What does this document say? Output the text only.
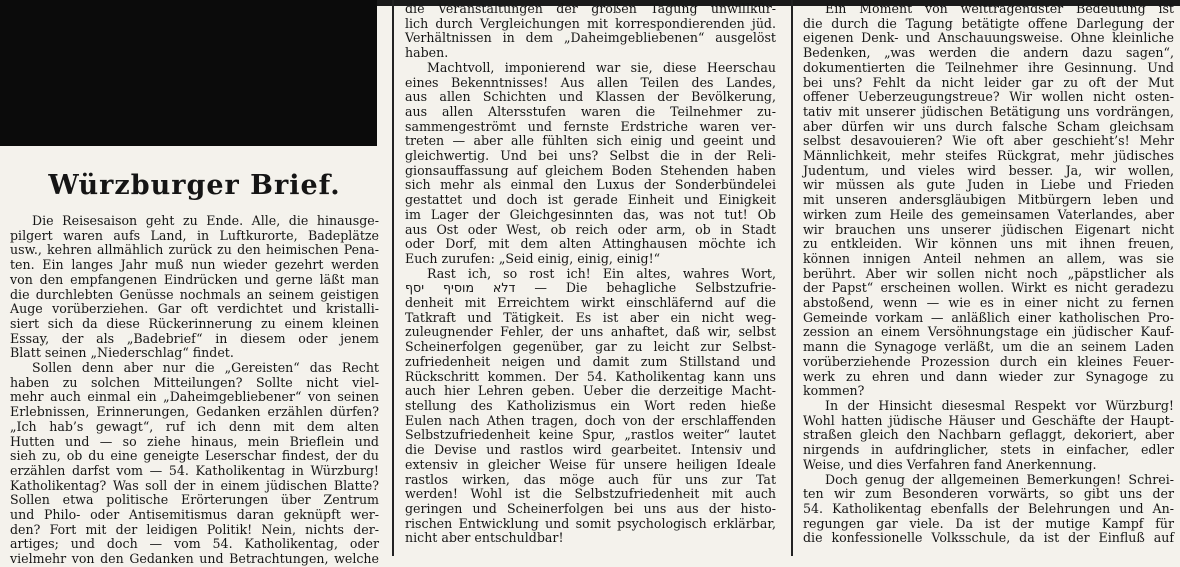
Würzburger Brief.
Die Reisesaison geht zu Ende. Alle, die hinausge-
pilgert waren aufs Land, in Luftkurorte, Badeplätze
usw., kehren allmählich zurück zu den heimischen Pena-
ten. Ein langes Jahr muß nun wieder gezehrt werden
von den empfangenen Eindrücken und gerne läßt man
die durchlebten Genüsse nochmals an seinem geistigen
Auge vorüberziehen. Gar oft verdichtet und kristalli-
siert sich da diese Rückerinnerung zu einem kleinen
Essay, der als „Badebrief“ in diesem oder jenem
Blatt seinen „Niederschlag“ findet.
Sollen denn aber nur die „Gereisten“ das Recht
haben zu solchen Mitteilungen? Sollte nicht viel-
mehr auch einmal ein „Daheimgebliebener“ von seinen
Erlebnissen, Erinnerungen, Gedanken erzählen dürfen?
„Ich hab’s gewagt“, ruf ich denn mit dem alten
Hutten und — so ziehe hinaus, mein Brieflein und
sieh zu, ob du eine geneigte Leserschar findest, der du
erzählen darfst vom — 54. Katholikentag in Würzburg!
Katholikentag? Was soll der in einem jüdischen Blatte?
Sollen etwa politische Erörterungen über Zentrum
und Philo- oder Antisemitismus daran geknüpft wer-
den? Fort mit der leidigen Politik! Nein, nichts der-
artiges; und doch — vom 54. Katholikentag, oder
vielmehr von den Gedanken und Betrachtungen, welche
die Veranstaltungen der großen Tagung unwillkür-
lich durch Vergleichungen mit korrespondierenden jüd.
Verhältnissen in dem „Daheimgebliebenen“ ausgelöst
haben.
Machtvoll, imponierend war sie, diese Heerschau
eines Bekenntnisses! Aus allen Teilen des Landes,
aus allen Schichten und Klassen der Bevölkerung,
aus allen Altersstufen waren die Teilnehmer zu-
sammengeströmt und fernste Erdstriche waren ver-
treten — aber alle fühlten sich einig und geeint und
gleichwertig. Und bei uns? Selbst die in der Reli-
gionsauffassung auf gleichem Boden Stehenden haben
sich mehr als einmal den Luxus der Sonderbündelei
gestattet und doch ist gerade Einheit und Einigkeit
im Lager der Gleichgesinnten das, was not tut! Ob
aus Ost oder West, ob reich oder arm, ob in Stadt
oder Dorf, mit dem alten Attinghausen möchte ich
Euch zurufen: „Seid einig, einig, einig!“
Rast ich, so rost ich! Ein altes, wahres Wort,
דלא מוסיף יסף — Die behagliche Selbstzufrie-
denheit mit Erreichtem wirkt einschläfernd auf die
Tatkraft und Tätigkeit. Es ist aber ein nicht weg-
zuleugnender Fehler, der uns anhaftet, daß wir, selbst
Scheinerfolgen gegenüber, gar zu leicht zur Selbst-
zufriedenheit neigen und damit zum Stillstand und
Rückschritt kommen. Der 54. Katholikentag kann uns
auch hier Lehren geben. Ueber die derzeitige Macht-
stellung des Katholizismus ein Wort reden hieße
Eulen nach Athen tragen, doch von der erschlaffenden
Selbstzufriedenheit keine Spur, „rastlos weiter“ lautet
die Devise und rastlos wird gearbeitet. Intensiv und
extensiv in gleicher Weise für unsere heiligen Ideale
rastlos wirken, das möge auch für uns zur Tat
werden! Wohl ist die Selbstzufriedenheit mit auch
geringen und Scheinerfolgen bei uns aus der histo-
rischen Entwicklung und somit psychologisch erklärbar,
nicht aber entschuldbar!
Ein Moment von weittragendster Bedeutung ist
die durch die Tagung betätigte offene Darlegung der
eigenen Denk- und Anschauungsweise. Ohne kleinliche
Bedenken, „was werden die andern dazu sagen“,
dokumentierten die Teilnehmer ihre Gesinnung. Und
bei uns? Fehlt da nicht leider gar zu oft der Mut
offener Ueberzeugungstreue? Wir wollen nicht osten-
tativ mit unserer jüdischen Betätigung uns vordrängen,
aber dürfen wir uns durch falsche Scham gleichsam
selbst desavouieren? Wie oft aber geschieht’s! Mehr
Männlichkeit, mehr steifes Rückgrat, mehr jüdisches
Judentum, und vieles wird besser. Ja, wir wollen,
wir müssen als gute Juden in Liebe und Frieden
mit unseren andersgläubigen Mitbürgern leben und
wirken zum Heile des gemeinsamen Vaterlandes, aber
wir brauchen uns unserer jüdischen Eigenart nicht
zu entkleiden. Wir können uns mit ihnen freuen,
können innigen Anteil nehmen an allem, was sie
berührt. Aber wir sollen nicht noch „päpstlicher als
der Papst“ erscheinen wollen. Wirkt es nicht geradezu
abstoßend, wenn — wie es in einer nicht zu fernen
Gemeinde vorkam — anläßlich einer katholischen Pro-
zession an einem Versöhnungstage ein jüdischer Kauf-
mann die Synagoge verläßt, um die an seinem Laden
vorüberziehende Prozession durch ein kleines Feuer-
werk zu ehren und dann wieder zur Synagoge zu
kommen?
In der Hinsicht diesesmal Respekt vor Würzburg!
Wohl hatten jüdische Häuser und Geschäfte der Haupt-
straßen gleich den Nachbarn geflaggt, dekoriert, aber
nirgends in aufdringlicher, stets in einfacher, edler
Weise, und dies Verfahren fand Anerkennung.
Doch genug der allgemeinen Bemerkungen! Schrei-
ten wir zum Besonderen vorwärts, so gibt uns der
54. Katholikentag ebenfalls der Belehrungen und An-
regungen gar viele. Da ist der mutige Kampf für
die konfessionelle Volksschule, da ist der Einfluß auf
